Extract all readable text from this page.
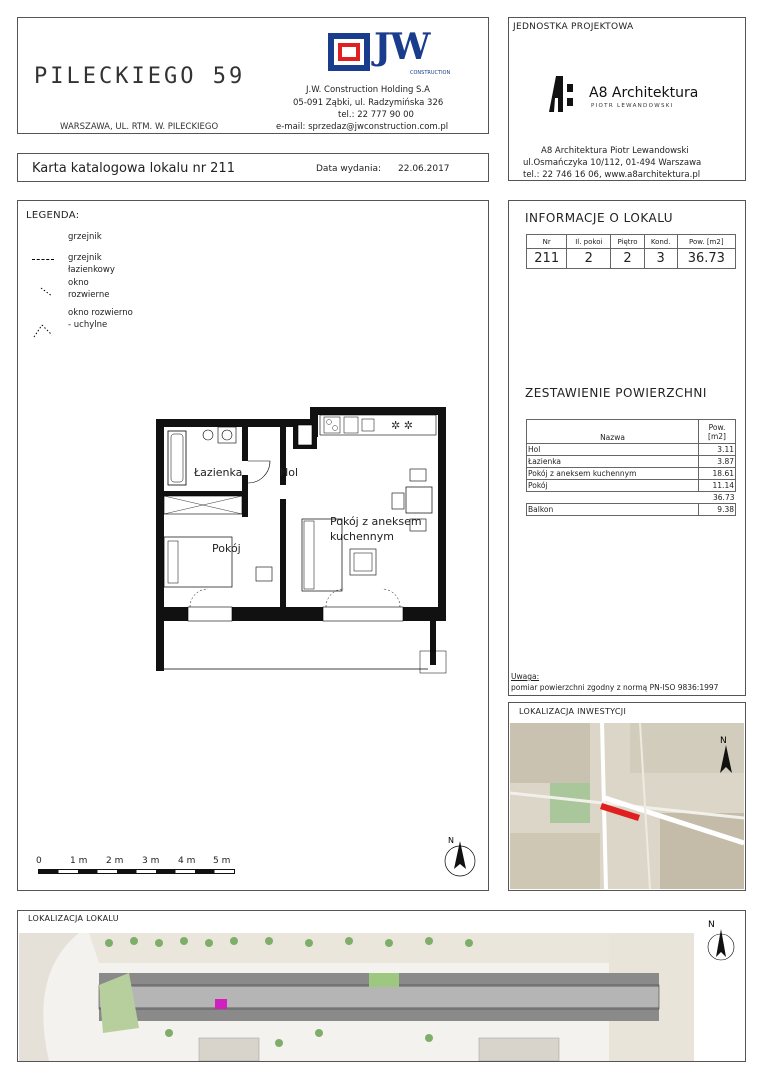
PILECKIEGO 59
WARSZAWA, UL. RTM. W. PILECKIEGO
JW
CONSTRUCTION
J.W. Construction Holding S.A
05-091 Ząbki, ul. Radzymińska 326
tel.: 22 777 90 00
e-mail: sprzedaz@jwconstruction.com.pl
JEDNOSTKA PROJEKTOWA
A8 Architektura
PIOTR LEWANDOWSKI
A8 Architektura Piotr Lewandowski
ul.Osmańczyka 10/112, 01-494 Warszawa
tel.: 22 746 16 06, www.a8architektura.pl
Karta katalogowa lokalu nr 211	Data wydania: 22.06.2017
LEGENDA:
grzejnik
grzejnik łazienkowy
okno rozwierne
okno rozwierno - uchylne
✲ ✲
Łazienka	Hol
Pokój z aneksem kuchennym
Pokój
0	1 m 2 m 3 m 4 m 5 m
N
INFORMACJE O LOKALU
Nr	Il. pokoi	Piętro	Kond.	Pow. [m2]
211	2	2	3	36.73
ZESTAWIENIE POWIERZCHNI
Nazwa	Pow. [m2]
Hol	3.11
Łazienka	3.87
Pokój z aneksem kuchennym	18.61
Pokój	11.14
	36.73
Balkon	9.38
Uwaga:
pomiar powierzchni zgodny z normą PN-ISO 9836:1997
LOKALIZACJA INWESTYCJI
N
LOKALIZACJA LOKALU
N
